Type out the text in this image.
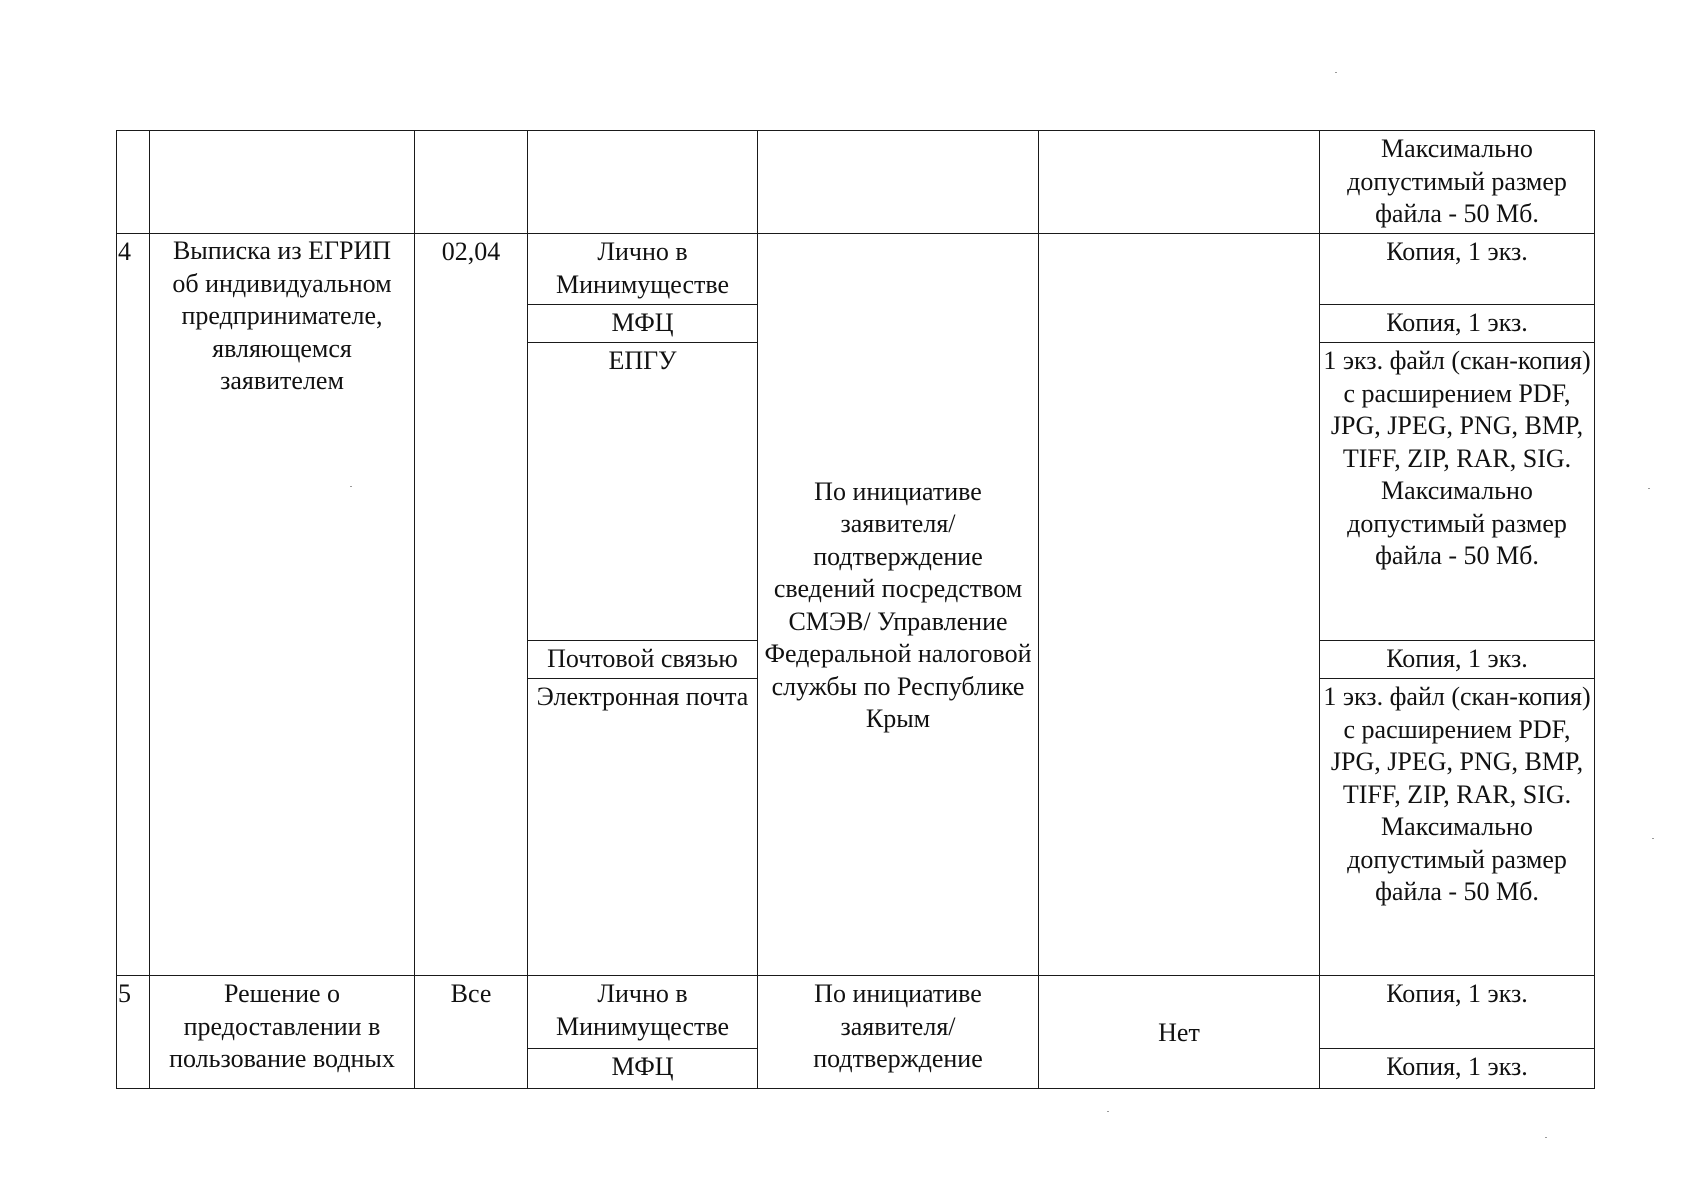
						Максимально допустимый размер файла - 50 Мб.
4	Выписка из ЕГРИП об индивидуальном предпринимателе, являющемся заявителем	02,04	Лично в Минимуществе	По инициативе заявителя/ подтверждение сведений посредством СМЭВ/ Управление Федеральной налоговой службы по Республике Крым		Копия, 1 экз.
			МФЦ			Копия, 1 экз.
			ЕПГУ			1 экз. файл (скан-копия) с расширением PDF, JPG, JPEG, PNG, BMP, TIFF, ZIP, RAR, SIG. Максимально допустимый размер файла - 50 Мб.
			Почтовой связью			Копия, 1 экз.
			Электронная почта			1 экз. файл (скан-копия) с расширением PDF, JPG, JPEG, PNG, BMP, TIFF, ZIP, RAR, SIG. Максимально допустимый размер файла - 50 Мб.
5	Решение о предоставлении в пользование водных	Все	Лично в Минимуществе	По инициативе заявителя/ подтверждение	Нет	Копия, 1 экз.
			МФЦ			Копия, 1 экз.
